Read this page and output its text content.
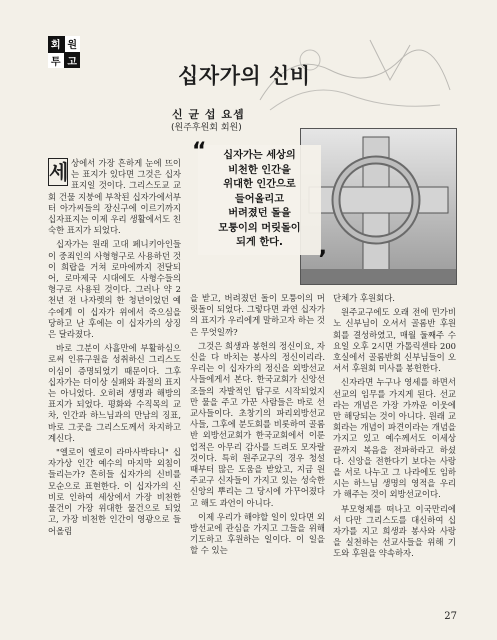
회 원
투 고
십자가의 신비
신 균 섭 요셉
(원주후원회 회원)
“	십자가는 세상의
비천한 인간을
위대한 인간으로
들어올리고
버려졌던 돌을
모퉁이의 머릿돌이
되게 한다.	,

세 상에서 가장 흔하게 눈에 뜨이는 표지가 있다면 그것은 십자표지일 것이다. 그리스도교 교회 건물 지붕에 부착된 십자가에서부터 아가씨들의 장신구에 이르기까지 십자표지는 이제 우리 생활에서도 친숙한 표지가 되었다.

십자가는 원래 고대 페니키아인들이 중죄인의 사형형구로 사용하던 것이 희랍을 거쳐 로마에까지 전달되어, 로마제국 시대에도 사형수들의 형구로 사용된 것이다. 그러나 약 2천년 전 나자렛의 한 청년이었던 예수에게 이 십자가 위에서 죽으심을 당하고 난 후에는 이 십자가의 상징은 달라졌다.

바로 그분이 사흘만에 부활하심으로써 인류구원을 성취하신 그리스도이심이 증명되었기 때문이다. 그후 십자가는 더이상 실패와 좌절의 표지는 아니었다. 오히려 생명과 해방의 표지가 되었다. 평화와 수직목의 교차, 인간과 하느님과의 만남의 징표, 바로 그곳을 그리스도께서 차지하고 계신다.

"엘로이 엘로이 라마사박타니" 십자가상 인간 예수의 마지막 외침이 들리는가? 흔히들 십자가의 신비를 모순으로 표현한다. 이 십자가의 신비로 인하여 세상에서 가장 비천한 물건이 가장 위대한 물건으로 되었고, 가장 비천한 인간이 영광으로 들어올림

을 받고, 버려졌던 돌이 모퉁이의 머릿돌이 되었다. 그렇다면 과연 십자가의 표지가 우리에게 말하고자 하는 것은 무엇일까?

그것은 희생과 봉헌의 정신이요, 자신을 다 바치는 봉사의 정신이리라. 우리는 이 십자가의 정신을 외방선교사들에게서 본다. 한국교회가 신앙선조들의 자발적인 탐구로 시작되었지만 물을 주고 가꾼 사람들은 바로 선교사들이다. 초창기의 파리외방선교사들, 그후에 분도회를 비롯하여 골롬반 외방선교회가 한국교회에서 이룬 업적은 아무리 감사를 드려도 모자랄 것이다. 특히 원주교구의 경우 청설 때부터 많은 도움을 받았고, 지금 원주교구 신자들이 가지고 있는 성숙한 신앙의 뿌리는 그 당시에 가꾸어졌다고 해도 과언이 아니다.

이제 우리가 해야할 일이 있다면 외방선교에 관심을 가지고 그들을 위해 기도하고 후원하는 일이다. 이 일을 할 수 있는

단체가 후원회다.

원주교구에도 오래 전에 민가비노 신부님이 오셔서 골롬반 후원회를 결성하였고, 매월 둘째주 수요일 오후 2시면 가톨릭센타 200호실에서 골롬반회 신부님들이 오셔서 후원회 미사를 봉헌한다.

신자라면 누구나 영세를 하면서 선교의 임무를 가지게 된다. 선교라는 개념은 가장 가까운 이웃에만 해당되는 것이 아니다. 원래 교회라는 개념이 파견이라는 개념을 가지고 있고 예수께서도 이세상 끝까지 복음을 전파하라고 하셨다. 신앙을 전한다기 보다는 사랑을 서로 나누고 그 나라에도 임하시는 하느님 생명의 영적을 우리가 해주는 것이 외방선교이다.

부모형제를 떠나고 이국만리에서 다만 그리스도를 대신하여 십자가를 지고 희생과 봉사와 사랑을 실천하는 선교사들을 위해 기도와 후원을 약속하자.

27
